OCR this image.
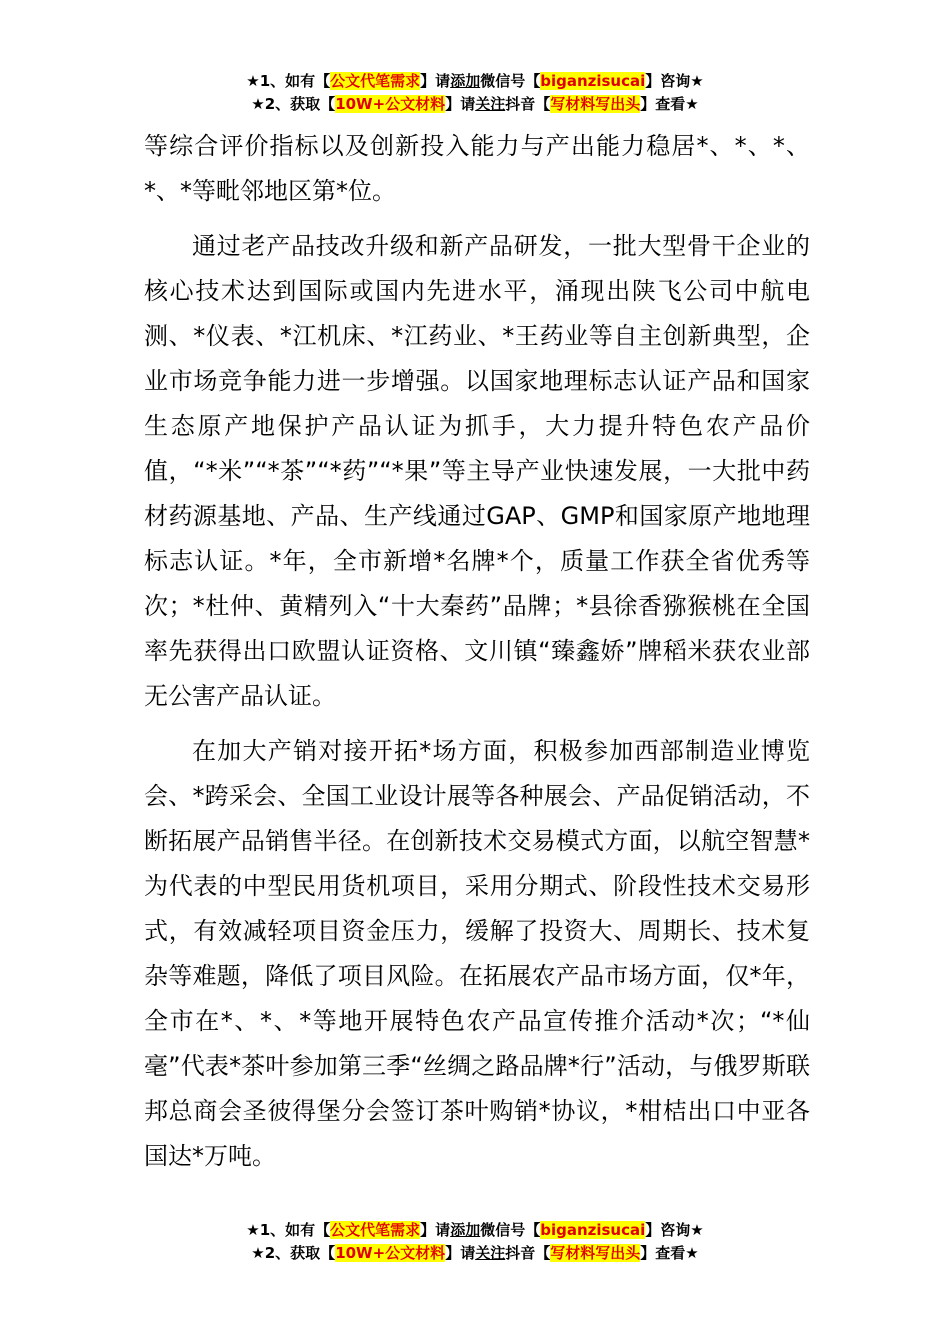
★1、如有【公文代笔需求】请添加微信号【biganzisucai】咨询★
★2、获取【10W+公文材料】请关注抖音【写材料写出头】查看★

等综合评价指标以及创新投入能力与产出能力稳居*、*、*、*、*等毗邻地区第*位。

通过老产品技改升级和新产品研发，一批大型骨干企业的核心技术达到国际或国内先进水平，涌现出陕飞公司中航电测、*仪表、*江机床、*江药业、*王药业等自主创新典型，企业市场竞争能力进一步增强。以国家地理标志认证产品和国家生态原产地保护产品认证为抓手，大力提升特色农产品价值，“*米”“*茶”“*药”“*果”等主导产业快速发展，一大批中药材药源基地、产品、生产线通过GAP、GMP和国家原产地地理标志认证。*年，全市新增*名牌*个，质量工作获全省优秀等次；*杜仲、黄精列入“十大秦药”品牌；*县徐香猕猴桃在全国率先获得出口欧盟认证资格、文川镇“臻鑫娇”牌稻米获农业部无公害产品认证。

在加大产销对接开拓*场方面，积极参加西部制造业博览会、*跨采会、全国工业设计展等各种展会、产品促销活动，不断拓展产品销售半径。在创新技术交易模式方面，以航空智慧*为代表的中型民用货机项目，采用分期式、阶段性技术交易形式，有效减轻项目资金压力，缓解了投资大、周期长、技术复杂等难题，降低了项目风险。在拓展农产品市场方面，仅*年，全市在*、*、*等地开展特色农产品宣传推介活动*次；“*仙毫”代表*茶叶参加第三季“丝绸之路品牌*行”活动，与俄罗斯联邦总商会圣彼得堡分会签订茶叶购销*协议，*柑桔出口中亚各国达*万吨。

★1、如有【公文代笔需求】请添加微信号【biganzisucai】咨询★
★2、获取【10W+公文材料】请关注抖音【写材料写出头】查看★
